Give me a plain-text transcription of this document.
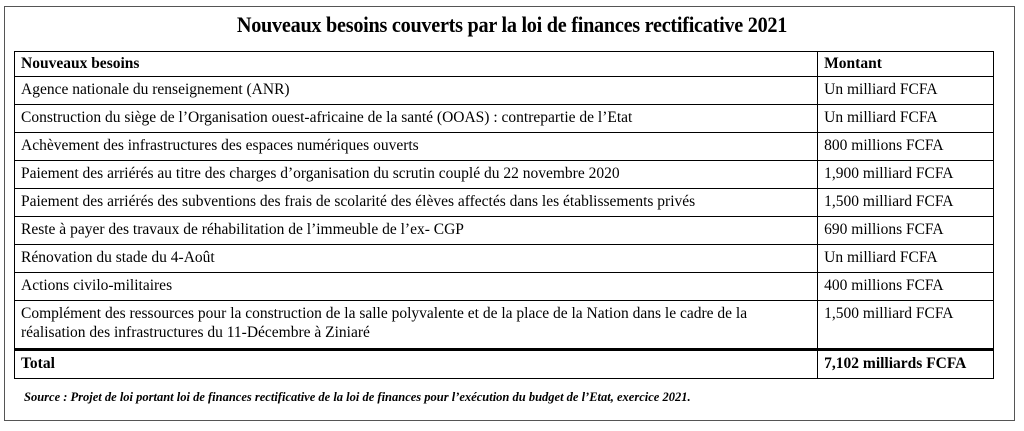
Nouveaux besoins couverts par la loi de finances rectificative 2021
Nouveaux besoins	Montant
Agence nationale du renseignement (ANR)	Un milliard FCFA
Construction du siège de l’Organisation ouest-africaine de la santé (OOAS) : contrepartie de l’Etat	Un milliard FCFA
Achèvement des infrastructures des espaces numériques ouverts	800 millions FCFA
Paiement des arriérés au titre des charges d’organisation du scrutin couplé du 22 novembre 2020	1,900 milliard FCFA
Paiement des arriérés des subventions des frais de scolarité des élèves affectés dans les établissements privés	1,500 milliard FCFA
Reste à payer des travaux de réhabilitation de l’immeuble de l’ex- CGP	690 millions FCFA
Rénovation du stade du 4-Août	Un milliard FCFA
Actions civilo-militaires	400 millions FCFA
Complément des ressources pour la construction de la salle polyvalente et de la place de la Nation dans le cadre de la réalisation des infrastructures du 11-Décembre à Ziniaré	1,500 milliard FCFA
Total	7,102 milliards FCFA
Source : Projet de loi portant loi de finances rectificative de la loi de finances pour l’exécution du budget de l’Etat, exercice 2021.
